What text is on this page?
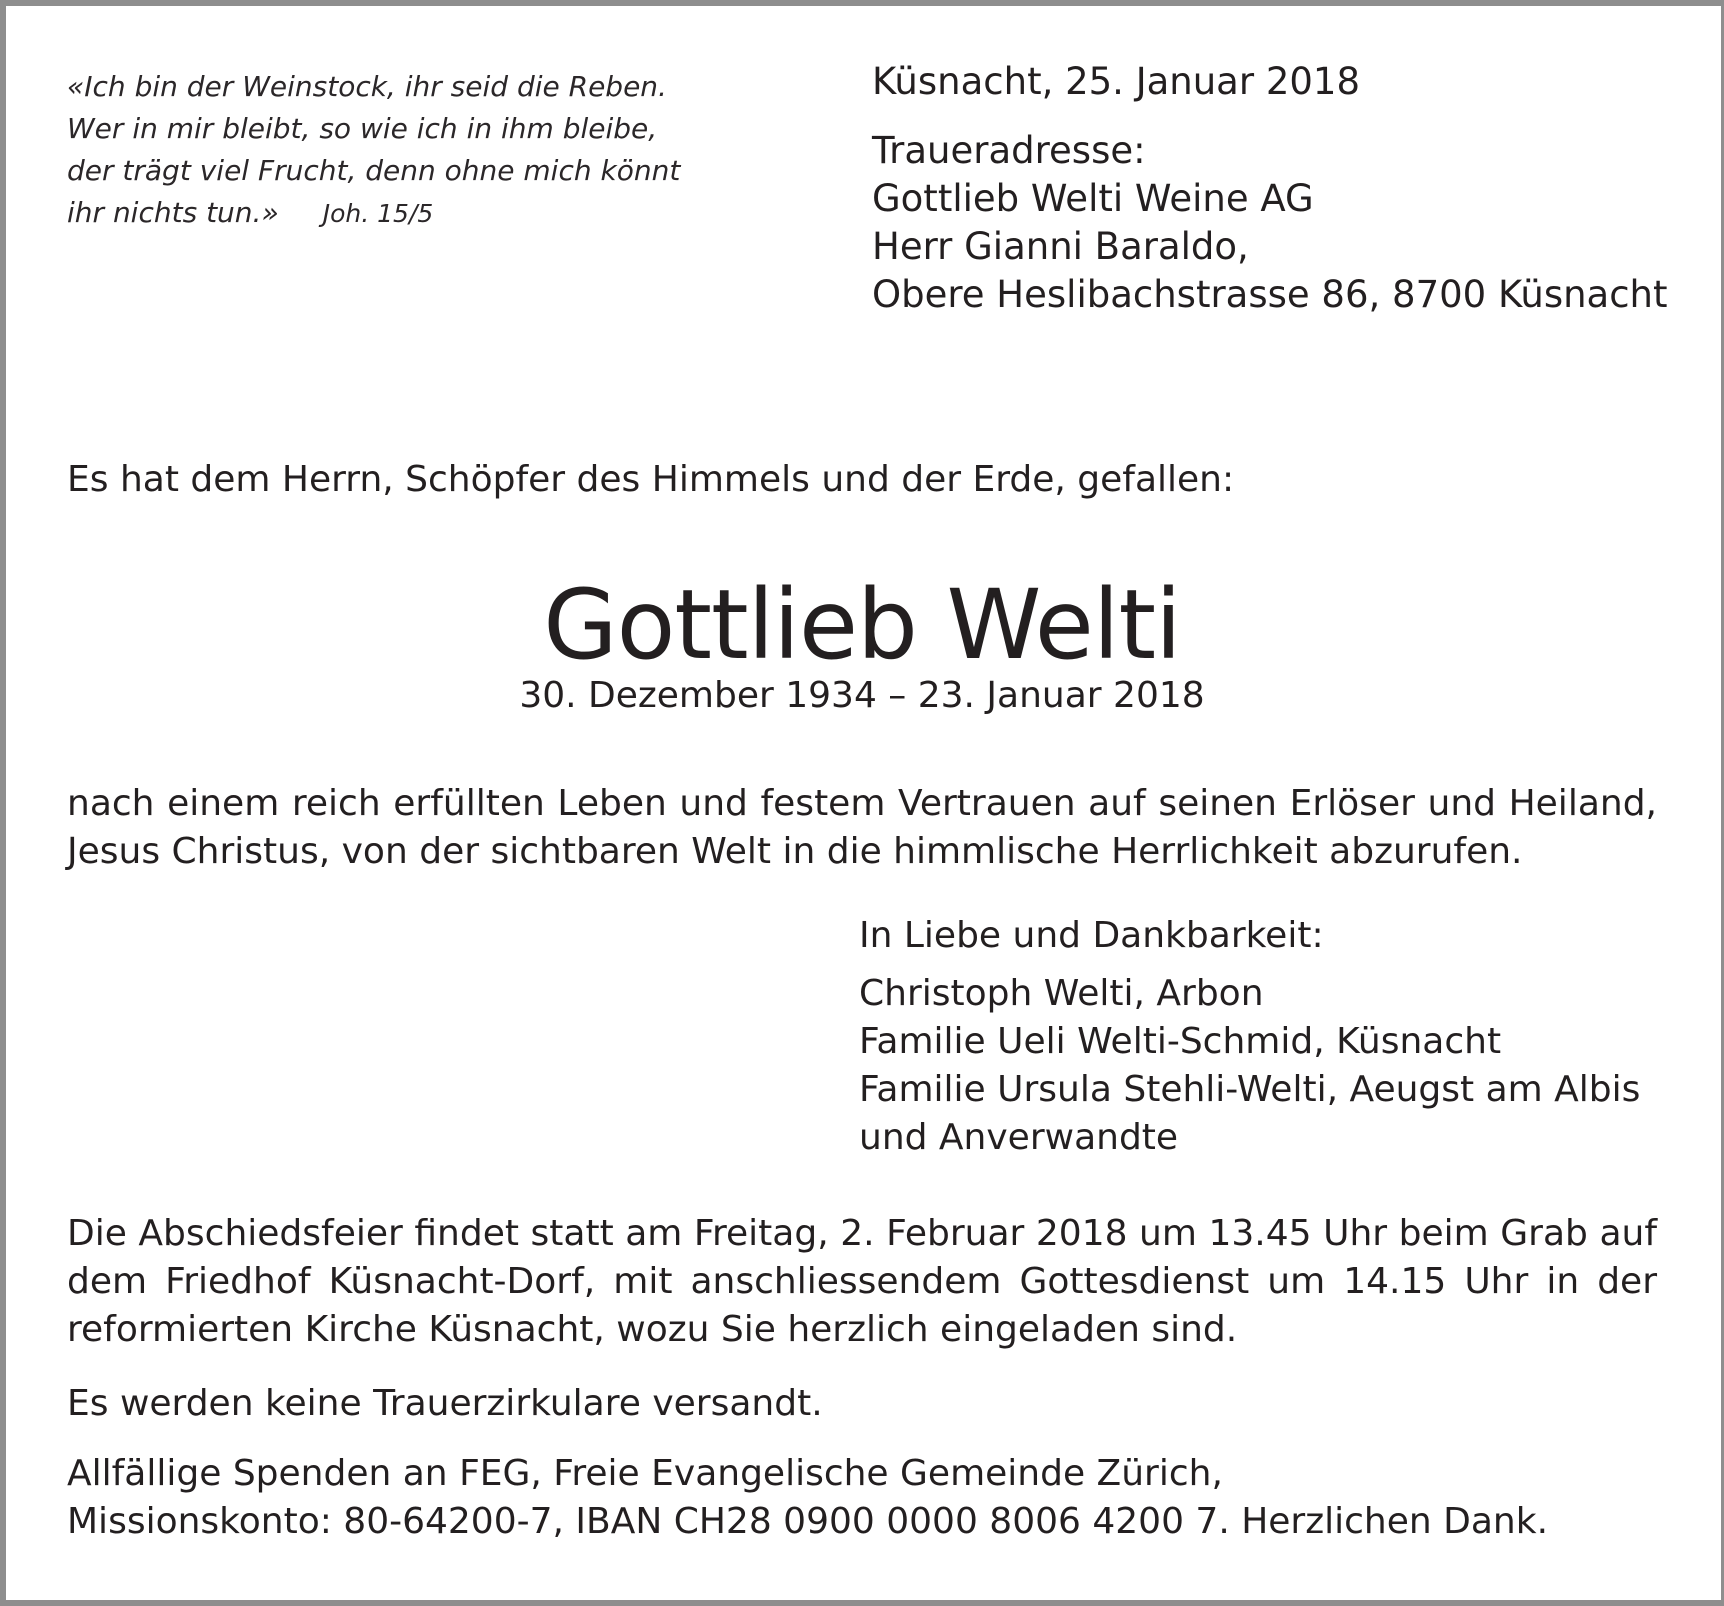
«Ich bin der Weinstock, ihr seid die Reben.
Wer in mir bleibt, so wie ich in ihm bleibe,
der trägt viel Frucht, denn ohne mich könnt
ihr nichts tun.» Joh. 15/5
Küsnacht, 25. Januar 2018
Traueradresse:
Gottlieb Welti Weine AG
Herr Gianni Baraldo,
Obere Heslibachstrasse 86, 8700 Küsnacht
Es hat dem Herrn, Schöpfer des Himmels und der Erde, gefallen:
Gottlieb Welti
30. Dezember 1934 – 23. Januar 2018
nach einem reich erfüllten Leben und festem Vertrauen auf seinen Erlöser und Heiland,
Jesus Christus, von der sichtbaren Welt in die himmlische Herrlichkeit abzurufen.
In Liebe und Dankbarkeit:
Christoph Welti, Arbon
Familie Ueli Welti-Schmid, Küsnacht
Familie Ursula Stehli-Welti, Aeugst am Albis
und Anverwandte
Die Abschiedsfeier findet statt am Freitag, 2. Februar 2018 um 13.45 Uhr beim Grab auf
dem Friedhof Küsnacht-Dorf, mit anschliessendem Gottesdienst um 14.15 Uhr in der
reformierten Kirche Küsnacht, wozu Sie herzlich eingeladen sind.
Es werden keine Trauerzirkulare versandt.
Allfällige Spenden an FEG, Freie Evangelische Gemeinde Zürich,
Missionskonto: 80-64200-7, IBAN CH28 0900 0000 8006 4200 7. Herzlichen Dank.
